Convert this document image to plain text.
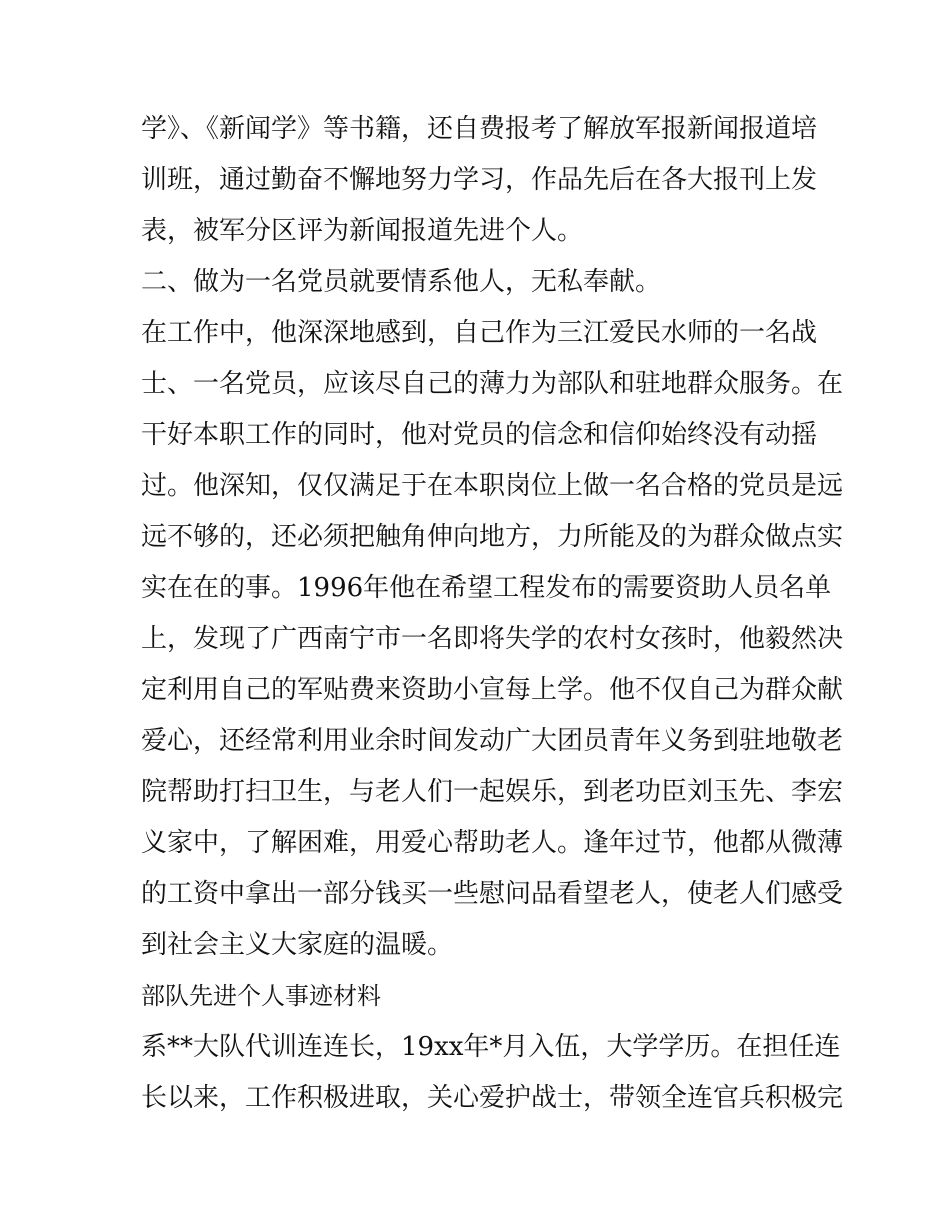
学》、《新闻学》等书籍，还自费报考了解放军报新闻报道培
训班，通过勤奋不懈地努力学习，作品先后在各大报刊上发
表，被军分区评为新闻报道先进个人。
二、做为一名党员就要情系他人，无私奉献。
在工作中，他深深地感到，自己作为三江爱民水师的一名战
士、一名党员，应该尽自己的薄力为部队和驻地群众服务。在
干好本职工作的同时，他对党员的信念和信仰始终没有动摇
过。他深知，仅仅满足于在本职岗位上做一名合格的党员是远
远不够的，还必须把触角伸向地方，力所能及的为群众做点实
实在在的事。1996年他在希望工程发布的需要资助人员名单
上，发现了广西南宁市一名即将失学的农村女孩时，他毅然决
定利用自己的军贴费来资助小宣每上学。他不仅自己为群众献
爱心，还经常利用业余时间发动广大团员青年义务到驻地敬老
院帮助打扫卫生，与老人们一起娱乐，到老功臣刘玉先、李宏
义家中，了解困难，用爱心帮助老人。逢年过节，他都从微薄
的工资中拿出一部分钱买一些慰问品看望老人，使老人们感受
到社会主义大家庭的温暖。
部队先进个人事迹材料
系**大队代训连连长，19xx年*月入伍，大学学历。在担任连
长以来，工作积极进取，关心爱护战士，带领全连官兵积极完
